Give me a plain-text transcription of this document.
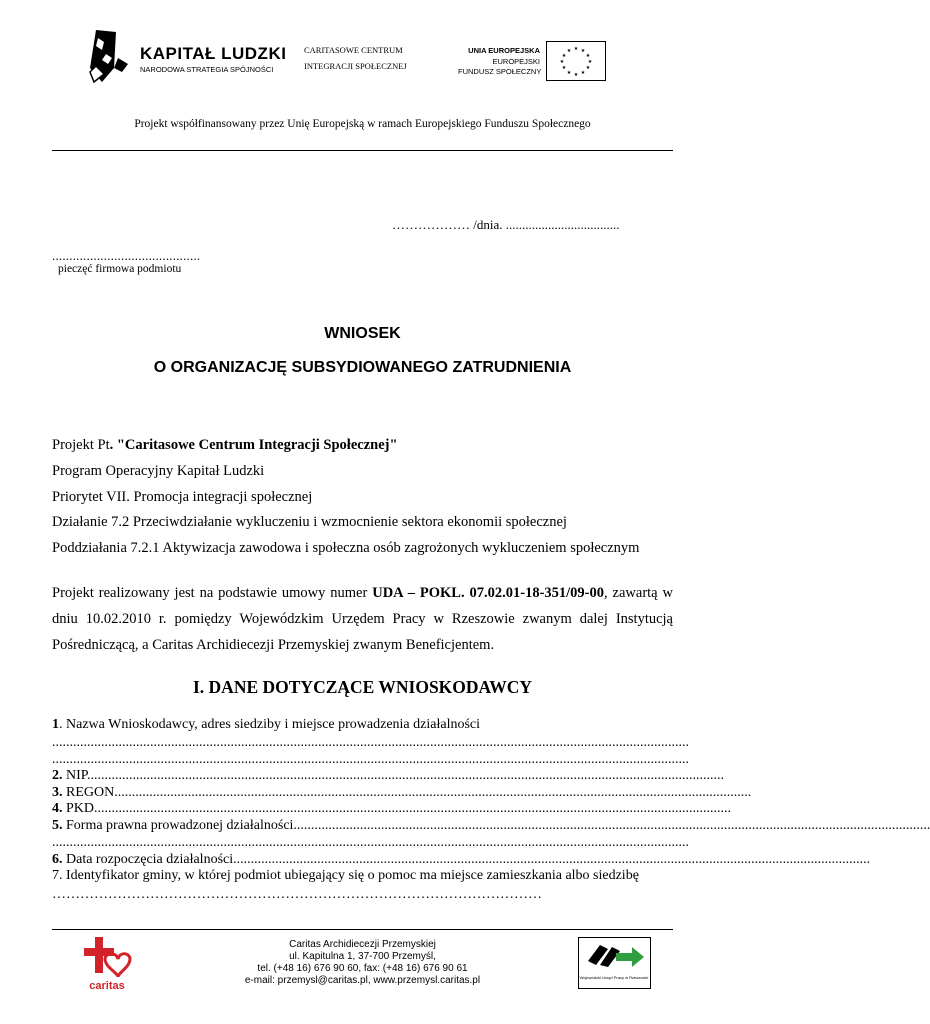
KAPITAŁ LUDZKI
NARODOWA STRATEGIA SPÓJNOŚCI
CARITASOWE CENTRUM
INTEGRACJI SPOŁECZNEJ
UNIA EUROPEJSKA
EUROPEJSKI
FUNDUSZ SPOŁECZNY
★ ★
★
★
★
★
★
★
★
★
★
★
Projekt współfinansowany przez Unię Europejską w ramach Europejskiego Funduszu Społecznego
……………… /dnia. ...................................
...........................................
pieczęć firmowa podmiotu
WNIOSEK
O ORGANIZACJĘ SUBSYDIOWANEGO ZATRUDNIENIA
Projekt Pt. "Caritasowe Centrum Integracji Społecznej"
Program Operacyjny Kapitał Ludzki
Priorytet VII. Promocja integracji społecznej
Działanie 7.2 Przeciwdziałanie wykluczeniu i wzmocnienie sektora ekonomii społecznej
Poddziałania 7.2.1 Aktywizacja zawodowa i społeczna osób zagrożonych wykluczeniem społecznym
Projekt realizowany jest na podstawie umowy numer UDA – POKL. 07.02.01-18-351/09-00, zawartą w
dniu 10.02.2010 r. pomiędzy Wojewódzkim Urzędem Pracy w Rzeszowie zwanym dalej Instytucją
Pośredniczącą, a Caritas Archidiecezji Przemyskiej zwanym Beneficjentem.
I. DANE DOTYCZĄCE WNIOSKODAWCY
1. Nazwa Wnioskodawcy, adres siedziby i miejsce prowadzenia działalności
......................................................................................................................................................................................
......................................................................................................................................................................................
2. NIP......................................................................................................................................................................................
3. REGON......................................................................................................................................................................................
4. PKD......................................................................................................................................................................................
5. Forma prawna prowadzonej działalności......................................................................................................................................................................................
......................................................................................................................................................................................
6. Data rozpoczęcia działalności......................................................................................................................................................................................
7. Identyfikator gminy, w której podmiot ubiegający się o pomoc ma miejsce zamieszkania albo siedzibę
……………………………………………………………………………………………
caritas
Caritas Archidiecezji Przemyskiej
ul. Kapitulna 1, 37-700 Przemyśl,
tel. (+48 16) 676 90 60, fax: (+48 16) 676 90 61
e-mail: przemysl@caritas.pl, www.przemysl.caritas.pl	Wojewódzki Urząd Pracy w Rzeszowie
